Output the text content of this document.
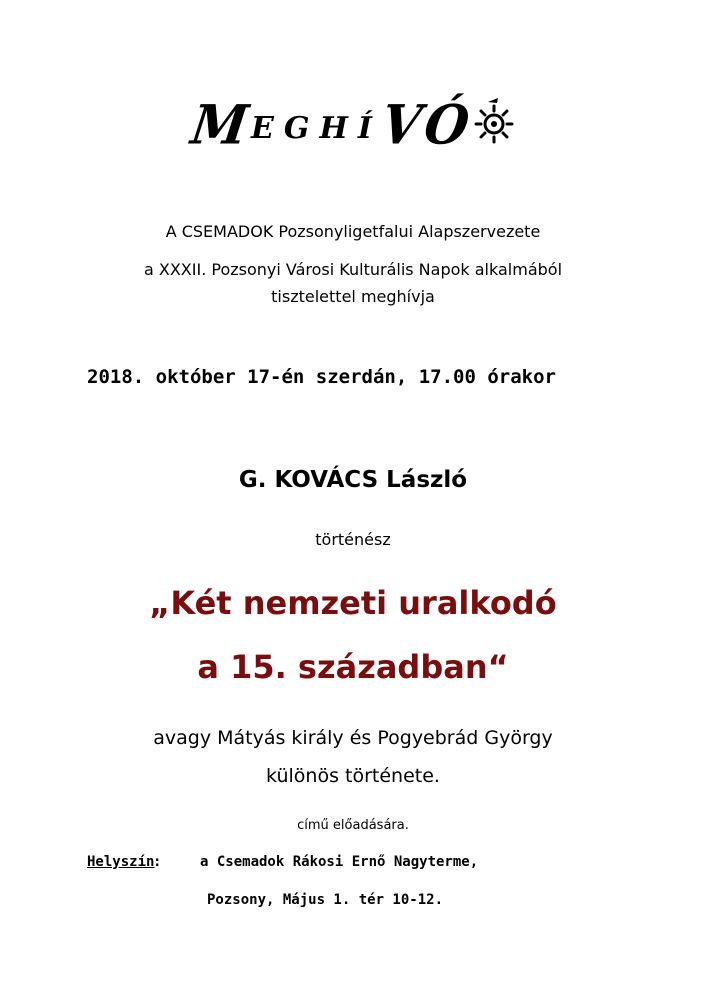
M E G H Í V
Ó
A CSEMADOK Pozsonyligetfalui Alapszervezete
a XXXII. Pozsonyi Városi Kulturális Napok alkalmából
tisztelettel meghívja
2018. október 17-én szerdán, 17.00 órakor
G. KOVÁCS László
történész
„Két nemzeti uralkodó
a 15. században“
avagy Mátyás király és Pogyebrád György
különös története.
című előadására.
Helyszín
:	a Csemadok Rákosi Ernő Nagyterme,
Pozsony, Május 1. tér 10-12.
